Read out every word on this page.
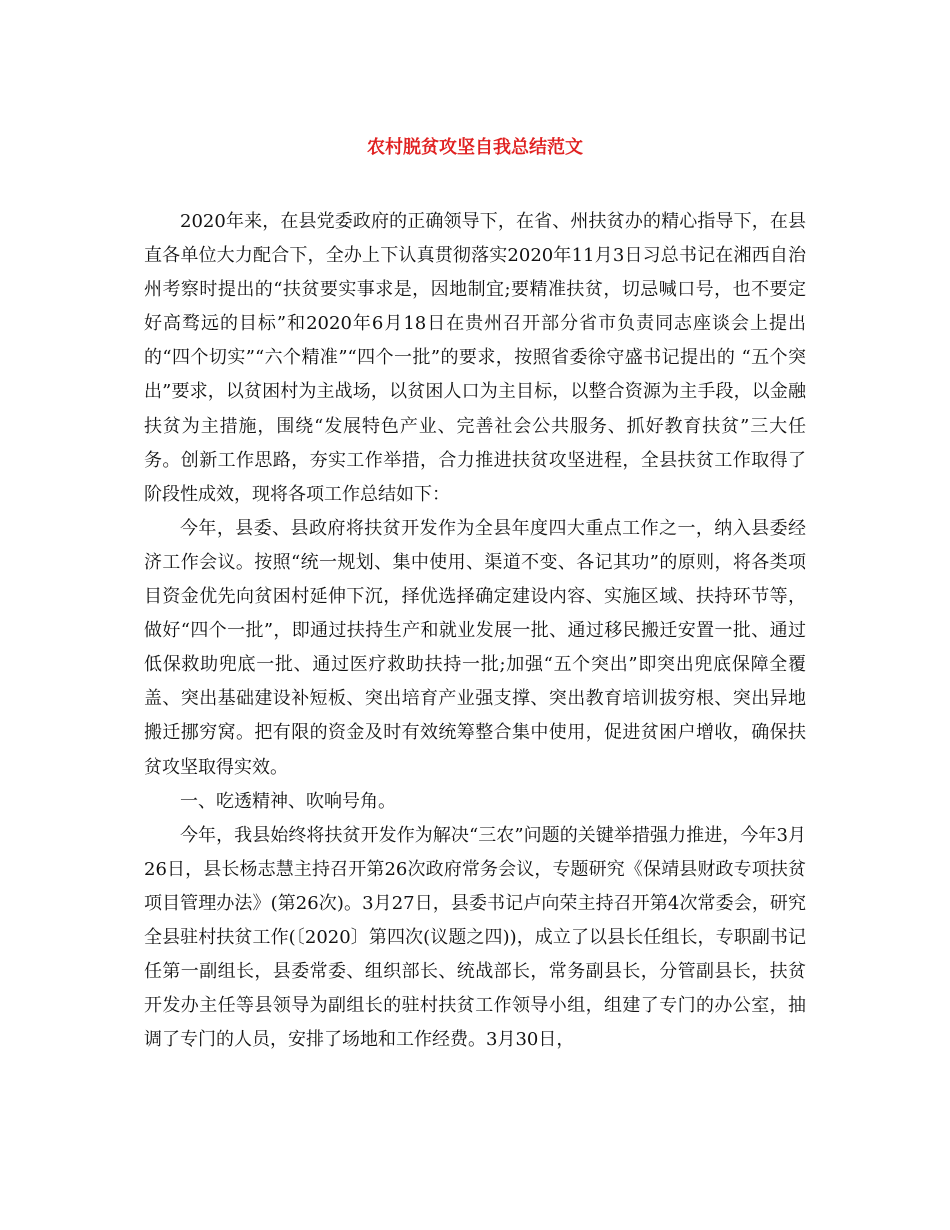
农村脱贫攻坚自我总结范文

2020年来，在县党委政府的正确领导下，在省、州扶贫办的精心指导下，在县直各单位大力配合下，全办上下认真贯彻落实2020年11月3日习总书记在湘西自治州考察时提出的“扶贫要实事求是，因地制宜;要精准扶贫，切忌喊口号，也不要定好高骛远的目标”和2020年6月18日在贵州召开部分省市负责同志座谈会上提出的“四个切实”“六个精准”“四个一批”的要求，按照省委徐守盛书记提出的 “五个突出”要求，以贫困村为主战场，以贫困人口为主目标，以整合资源为主手段，以金融扶贫为主措施，围绕“发展特色产业、完善社会公共服务、抓好教育扶贫”三大任务。创新工作思路，夯实工作举措，合力推进扶贫攻坚进程，全县扶贫工作取得了阶段性成效，现将各项工作总结如下：

今年，县委、县政府将扶贫开发作为全县年度四大重点工作之一，纳入县委经济工作会议。按照“统一规划、集中使用、渠道不变、各记其功”的原则，将各类项目资金优先向贫困村延伸下沉，择优选择确定建设内容、实施区域、扶持环节等，做好“四个一批”，即通过扶持生产和就业发展一批、通过移民搬迁安置一批、通过低保救助兜底一批、通过医疗救助扶持一批;加强“五个突出”即突出兜底保障全覆盖、突出基础建设补短板、突出培育产业强支撑、突出教育培训拔穷根、突出异地搬迁挪穷窝。把有限的资金及时有效统筹整合集中使用，促进贫困户增收，确保扶贫攻坚取得实效。

一、吃透精神、吹响号角。

今年，我县始终将扶贫开发作为解决“三农”问题的关键举措强力推进，今年3月26日，县长杨志慧主持召开第26次政府常务会议，专题研究《保靖县财政专项扶贫项目管理办法》(第26次)。3月27日，县委书记卢向荣主持召开第4次常委会，研究全县驻村扶贫工作(〔2020〕第四次(议题之四))，成立了以县长任组长，专职副书记任第一副组长，县委常委、组织部长、统战部长，常务副县长，分管副县长，扶贫开发办主任等县领导为副组长的驻村扶贫工作领导小组，组建了专门的办公室，抽调了专门的人员，安排了场地和工作经费。3月30日，
